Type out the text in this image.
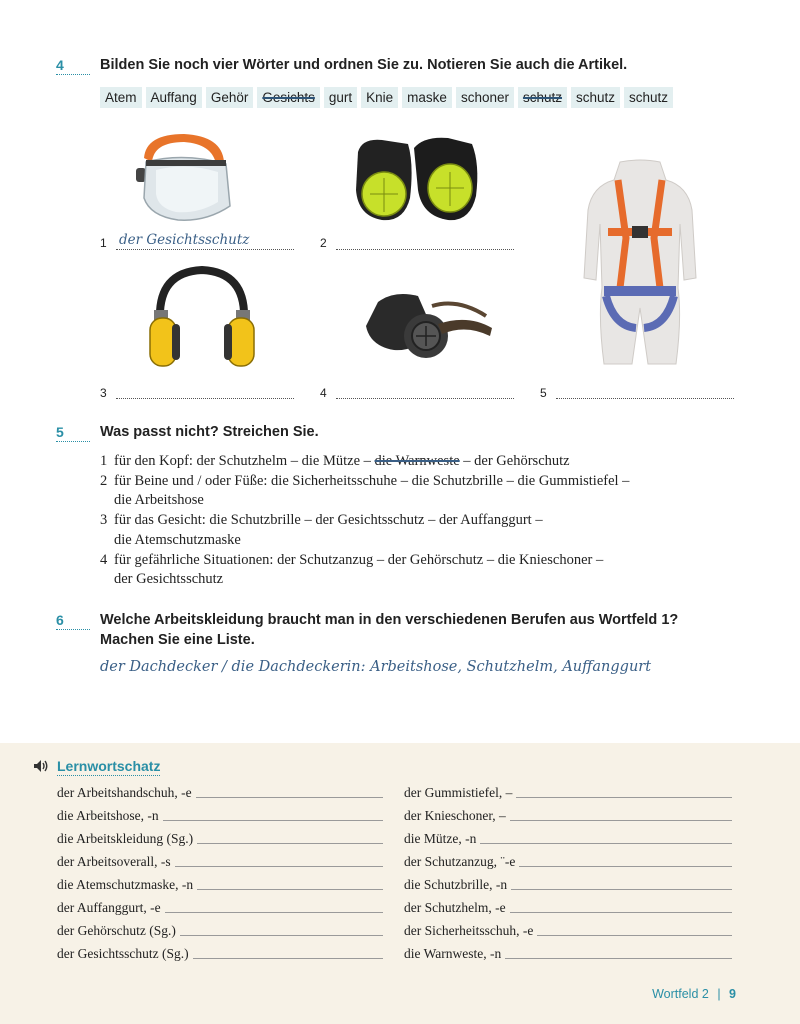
4	Bilden Sie noch vier Wörter und ordnen Sie zu. Notieren Sie auch die Artikel.
Atem	Auffang	Gehör	Gesichts	gurt	Knie	maske	schoner	schutz	schutz	schutz
1 der Gesichtsschutz	2
3	4	5
5	Was passt nicht? Streichen Sie.
1 für den Kopf: der Schutzhelm – die Mütze – die Warnweste – der Gehörschutz
2 für Beine und / oder Füße: die Sicherheitsschuhe – die Schutzbrille – die Gummistiefel –
die Arbeitshose
3 für das Gesicht: die Schutzbrille – der Gesichtsschutz – der Auffanggurt –
die Atemschutzmaske
4 für gefährliche Situationen: der Schutzanzug – der Gehörschutz – die Knieschoner –
der Gesichtsschutz
6	Welche Arbeitskleidung braucht man in den verschiedenen Berufen aus Wortfeld 1?
Machen Sie eine Liste.
der Dachdecker / die Dachdeckerin: Arbeitshose, Schutzhelm, Auffanggurt
Lernwortschatz
der Arbeitshandschuh, -e
die Arbeitshose, -n
die Arbeitskleidung (Sg.)
der Arbeitsoverall, -s
die Atemschutzmaske, -n
der Auffanggurt, -e
der Gehörschutz (Sg.)
der Gesichtsschutz (Sg.)
der Gummistiefel, –
der Knieschoner, –
die Mütze, -n
der Schutzanzug, ¨-e
die Schutzbrille, -n
der Schutzhelm, -e
der Sicherheitsschuh, -e
die Warnweste, -n
Wortfeld 2 | 9
